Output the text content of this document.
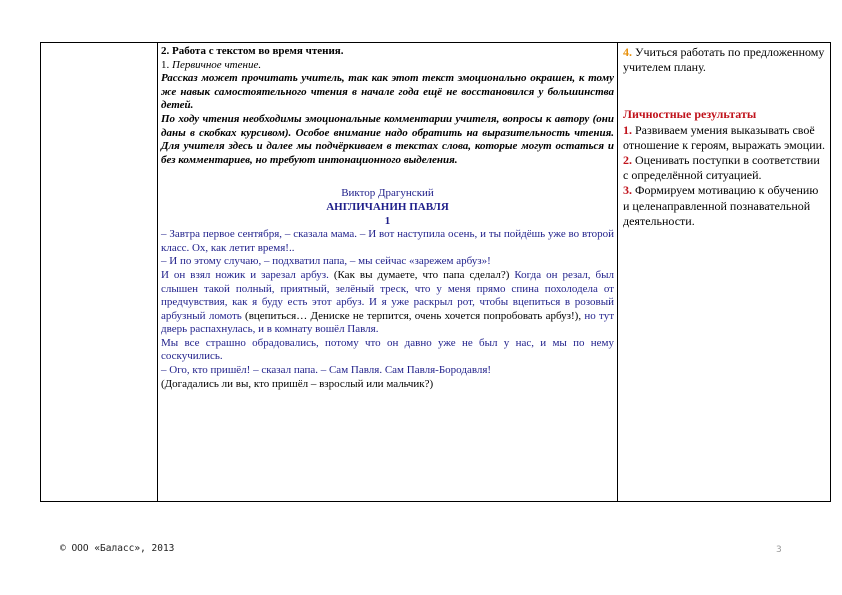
2. Работа с текстом во время чтения.

1. Первичное чтение.

Рассказ может прочитать учитель, так как этот текст эмоционально окрашен, к тому же навык самостоятельного чтения в начале года ещё не восстановился у большинства детей.

По ходу чтения необходимы эмоциональные комментарии учителя, вопросы к автору (они даны в скобках курсивом). Особое внимание надо обратить на выразительность чтения. Для учителя здесь и далее мы подчёркиваем в текстах слова, которые могут остаться и без комментариев, но требуют интонационного выделения.

Виктор Драгунский

АНГЛИЧАНИН ПАВЛЯ

1

– Завтра первое сентября, – сказала мама. – И вот наступила осень, и ты пойдёшь уже во второй класс. Ох, как летит время!..

– И по этому случаю, – подхватил папа, – мы сейчас «зарежем арбуз»!

И он взял ножик и зарезал арбуз. (Как вы думаете, что папа сделал?) Когда он резал, был слышен такой полный, приятный, зелёный треск, что у меня прямо спина похолодела от предчувствия, как я буду есть этот арбуз. И я уже раскрыл рот, чтобы вцепиться в розовый арбузный ломоть (вцепиться… Дениске не терпится, очень хочется попробовать арбуз!), но тут дверь распахнулась, и в комнату вошёл Павля.

Мы все страшно обрадовались, потому что он давно уже не был у нас, и мы по нему соскучились.

– Ого, кто пришёл! – сказал папа. – Сам Павля. Сам Павля-Бородавля!

(Догадались ли вы, кто пришёл – взрослый или мальчик?)

4. Учиться работать по предложенному учителем плану.

Личностные результаты

1. Развиваем умения выказывать своё отношение к героям, выражать эмоции.

2. Оценивать поступки в соответствии с определённой ситуацией.

3. Формируем мотивацию к обучению и целенаправленной познавательной деятельности.

© ООО «Баласс», 2013	3
